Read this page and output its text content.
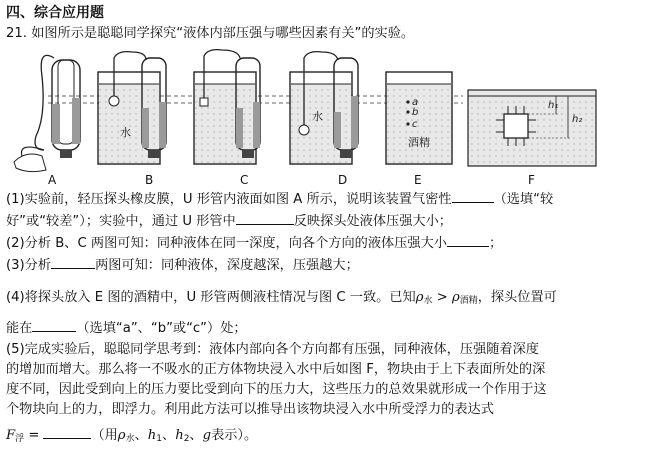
四、综合应用题
21. 如图所示是聪聪同学探究“液体内部压强与哪些因素有关”的实验。
水
水
a
b
c
酒精
h₁
h₂
A	B	C	D	E	F
(1)实验前，轻压探头橡皮膜，U 形管内液面如图 A 所示，说明该装置气密性	（选填“较
好”或“较差”）；实验中，通过 U 形管中	反映探头处液体压强大小；
(2)分析 B、C 两图可知：同种液体在同一深度，向各个方向的液体压强大小	；
(3)分析	两图可知：同种液体，深度越深，压强越大；
(4)将探头放入 E 图的酒精中，U 形管两侧液柱情况与图 C 一致。已知$\rho_水 > \rho_{酒精}$，探头位置可
能在	（选填“a”、“b”或“c”）处；
(5)完成实验后，聪聪同学思考到：液体内部向各个方向都有压强，同种液体，压强随着深度
的增加而增大。那么将一不吸水的正方体物块浸入水中后如图 F，物块由于上下表面所处的深
度不同，因此受到向上的压力要比受到向下的压力大，这些压力的总效果就形成一个作用于这
个物块向上的力，即浮力。利用此方法可以推导出该物块浸入水中所受浮力的表达式
$F_浮$ =	（用$\rho_水$、$h_1$、$h_2$、g表示）。
